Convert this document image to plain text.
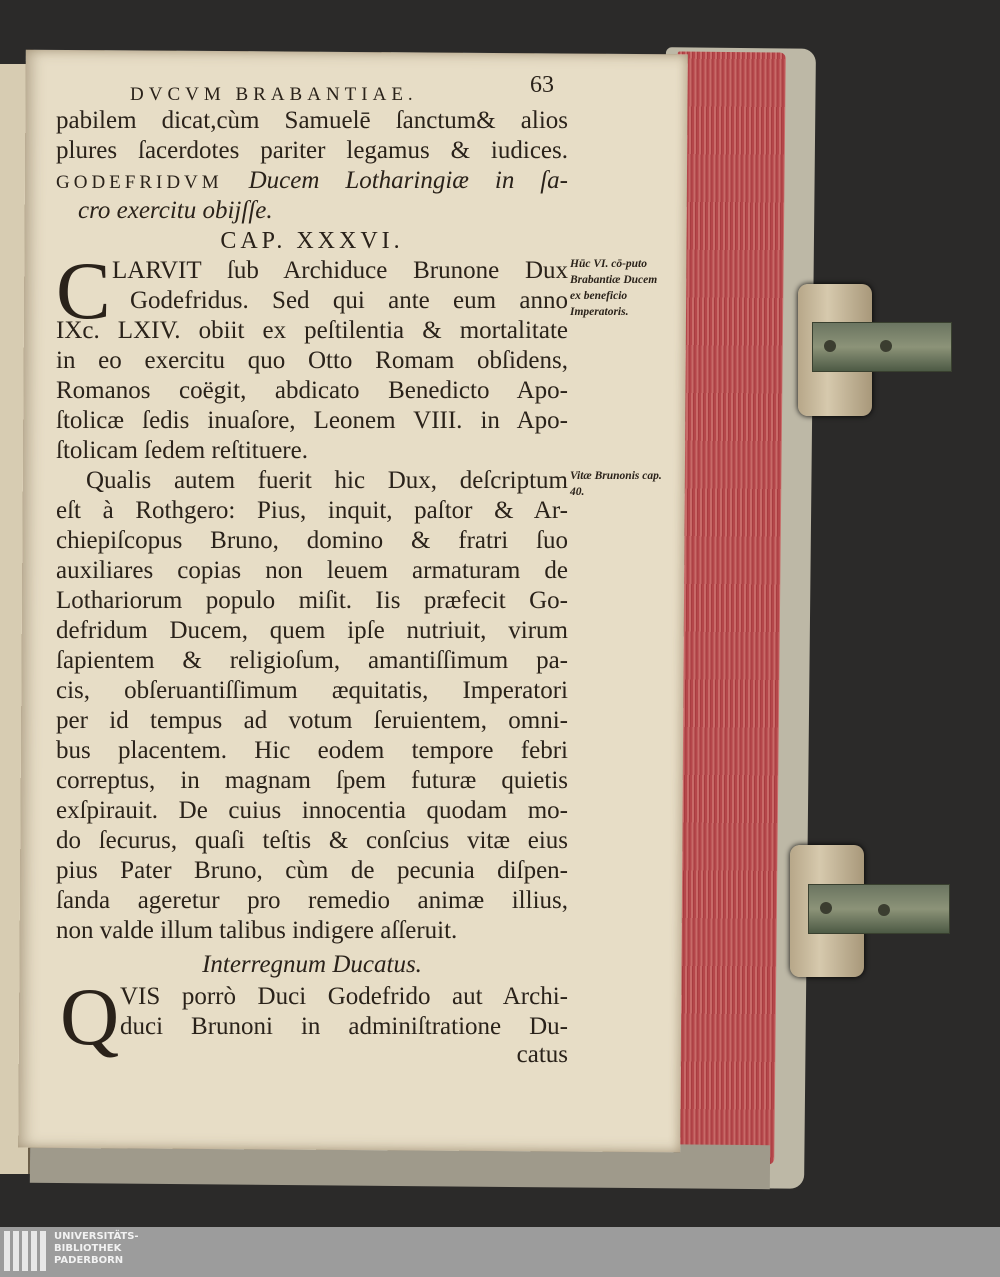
DVCVM BRABANTIAE.	63
pabilem dicat,cùm Samuelē ſanctum& alios
plures ſacerdotes pariter legamus & iudices.
GODEFRIDVM Ducem Lotharingiæ in ſa-
cro exercitu obijſſe.
CAP. XXXVI.
C LARVIT ſub Archiduce Brunone Dux
Godefridus. Sed qui ante eum anno
IXc. LXIV. obiit ex peſtilentia & mortalitate
in eo exercitu quo Otto Romam obſidens,
Romanos coëgit, abdicato Benedicto Apo-
ſtolicæ ſedis inuaſore, Leonem VIII. in Apo-
ſtolicam ſedem reſtituere.
Qualis autem fuerit hic Dux, deſcriptum
eſt à Rothgero: Pius, inquit, paſtor & Ar-
chiepiſcopus Bruno, domino & fratri ſuo
auxiliares copias non leuem armaturam de
Lothariorum populo miſit. Iis præfecit Go-
defridum Ducem, quem ipſe nutriuit, virum
ſapientem & religioſum, amantiſſimum pa-
cis, obſeruantiſſimum æquitatis, Imperatori
per id tempus ad votum ſeruientem, omni-
bus placentem. Hic eodem tempore febri
correptus, in magnam ſpem futuræ quietis
exſpirauit. De cuius innocentia quodam mo-
do ſecurus, quaſi teſtis & conſcius vitæ eius
pius Pater Bruno, cùm de pecunia diſpen-
ſanda ageretur pro remedio animæ illius,
non valde illum talibus indigere aſſeruit.
Interregnum Ducatus.
Q VIS porrò Duci Godefrido aut Archi-
duci Brunoni in adminiſtratione Du-
catus
Hūc VI. cō-puto Brabantiæ Ducem ex beneficio Imperatoris.
Vitæ Brunonis cap. 40.
UNIVERSITÄTS-
BIBLIOTHEK
PADERBORN
